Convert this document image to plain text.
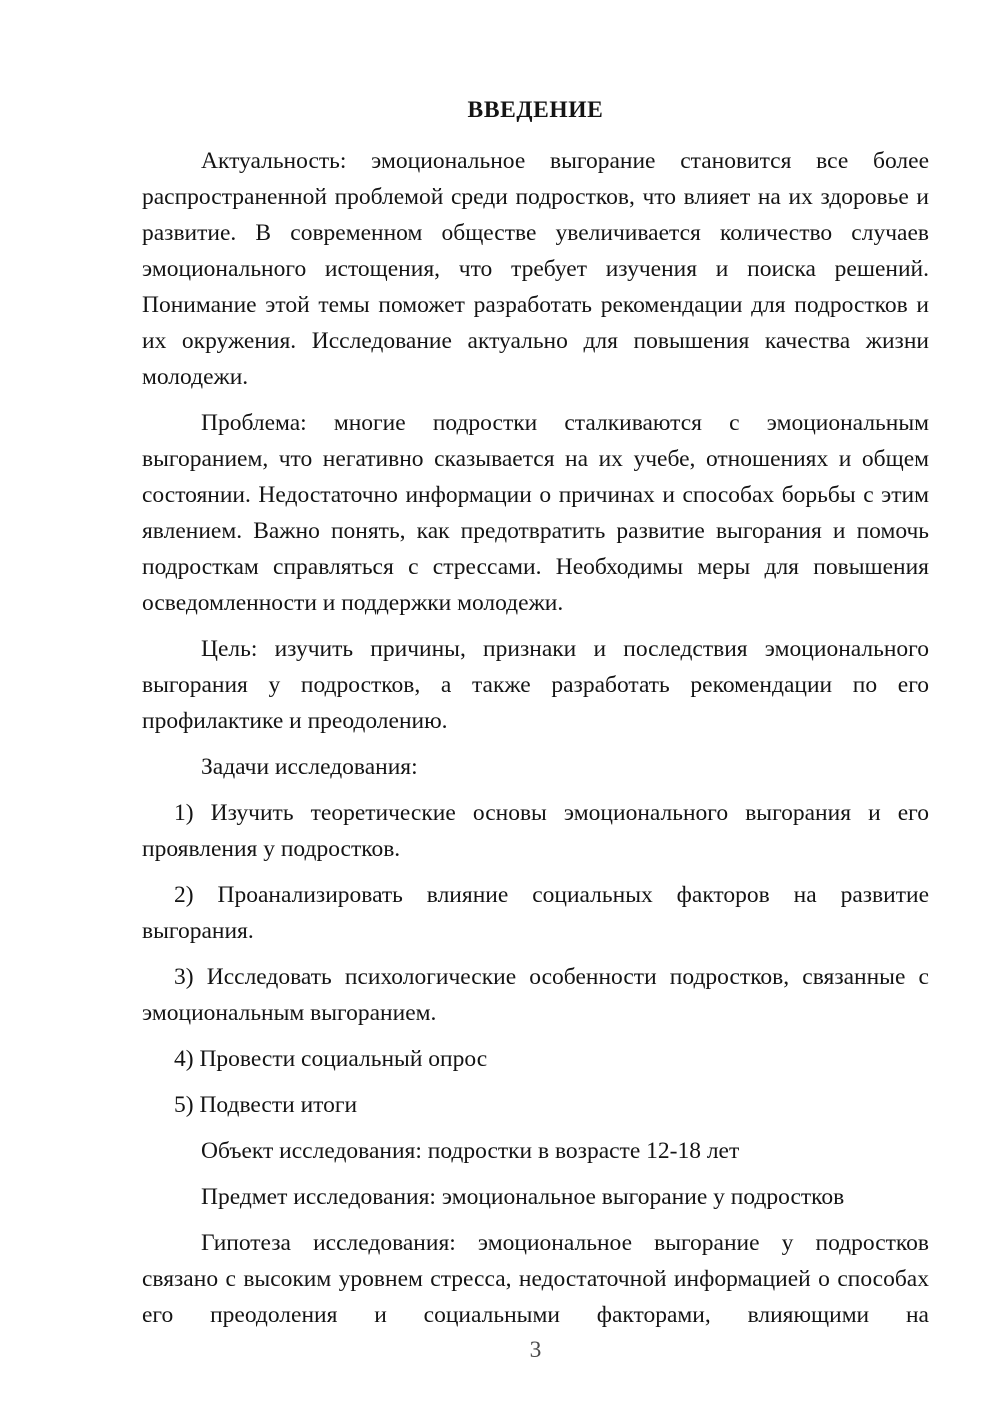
ВВЕДЕНИЕ

Актуальность: эмоциональное выгорание становится все более распространенной проблемой среди подростков, что влияет на их здоровье и развитие. В современном обществе увеличивается количество случаев эмоционального истощения, что требует изучения и поиска решений. Понимание этой темы поможет разработать рекомендации для подростков и их окружения. Исследование актуально для повышения качества жизни молодежи.

Проблема: многие подростки сталкиваются с эмоциональным выгоранием, что негативно сказывается на их учебе, отношениях и общем состоянии. Недостаточно информации о причинах и способах борьбы с этим явлением. Важно понять, как предотвратить развитие выгорания и помочь подросткам справляться с стрессами. Необходимы меры для повышения осведомленности и поддержки молодежи.

Цель: изучить причины, признаки и последствия эмоционального выгорания у подростков, а также разработать рекомендации по его профилактике и преодолению.

Задачи исследования:

1) Изучить теоретические основы эмоционального выгорания и его проявления у подростков.

2) Проанализировать влияние социальных факторов на развитие выгорания.

3) Исследовать психологические особенности подростков, связанные с эмоциональным выгоранием.

4) Провести социальный опрос

5) Подвести итоги

Объект исследования: подростки в возрасте 12-18 лет

Предмет исследования: эмоциональное выгорание у подростков

Гипотеза исследования: эмоциональное выгорание у подростков связано с высоким уровнем стресса, недостаточной информацией о способах его преодоления и социальными факторами, влияющими на

3
